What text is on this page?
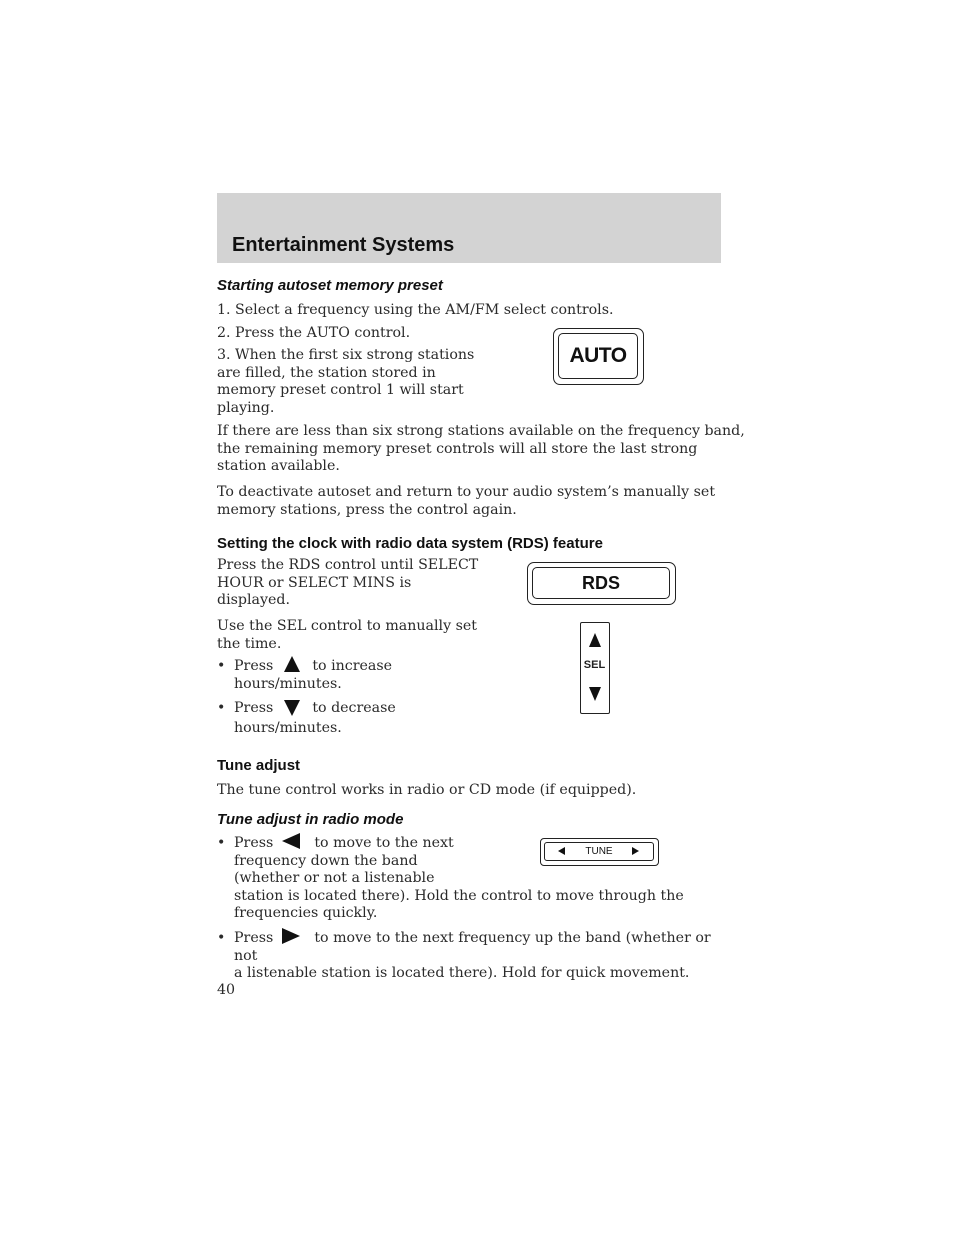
Entertainment Systems
Starting autoset memory preset
1. Select a frequency using the AM/FM select controls.
2. Press the AUTO control.
3. When the first six strong stations
are filled, the station stored in
memory preset control 1 will start
playing.
AUTO
If there are less than six strong stations available on the frequency band,
the remaining memory preset controls will all store the last strong
station available.
To deactivate autoset and return to your audio system’s manually set
memory stations, press the control again.
Setting the clock with radio data system (RDS) feature
Press the RDS control until SELECT
HOUR or SELECT MINS is
displayed.
RDS
Use the SEL control to manually set
the time.
• Press	to increase
hours/minutes.
• Press	to decrease
hours/minutes.
SEL
Tune adjust
The tune control works in radio or CD mode (if equipped).
Tune adjust in radio mode
• Press	to move to the next
frequency down the band
(whether or not a listenable
station is located there). Hold the control to move through the
frequencies quickly.
TUNE
• Press	to move to the next frequency up the band (whether or not
a listenable station is located there). Hold for quick movement.
40
